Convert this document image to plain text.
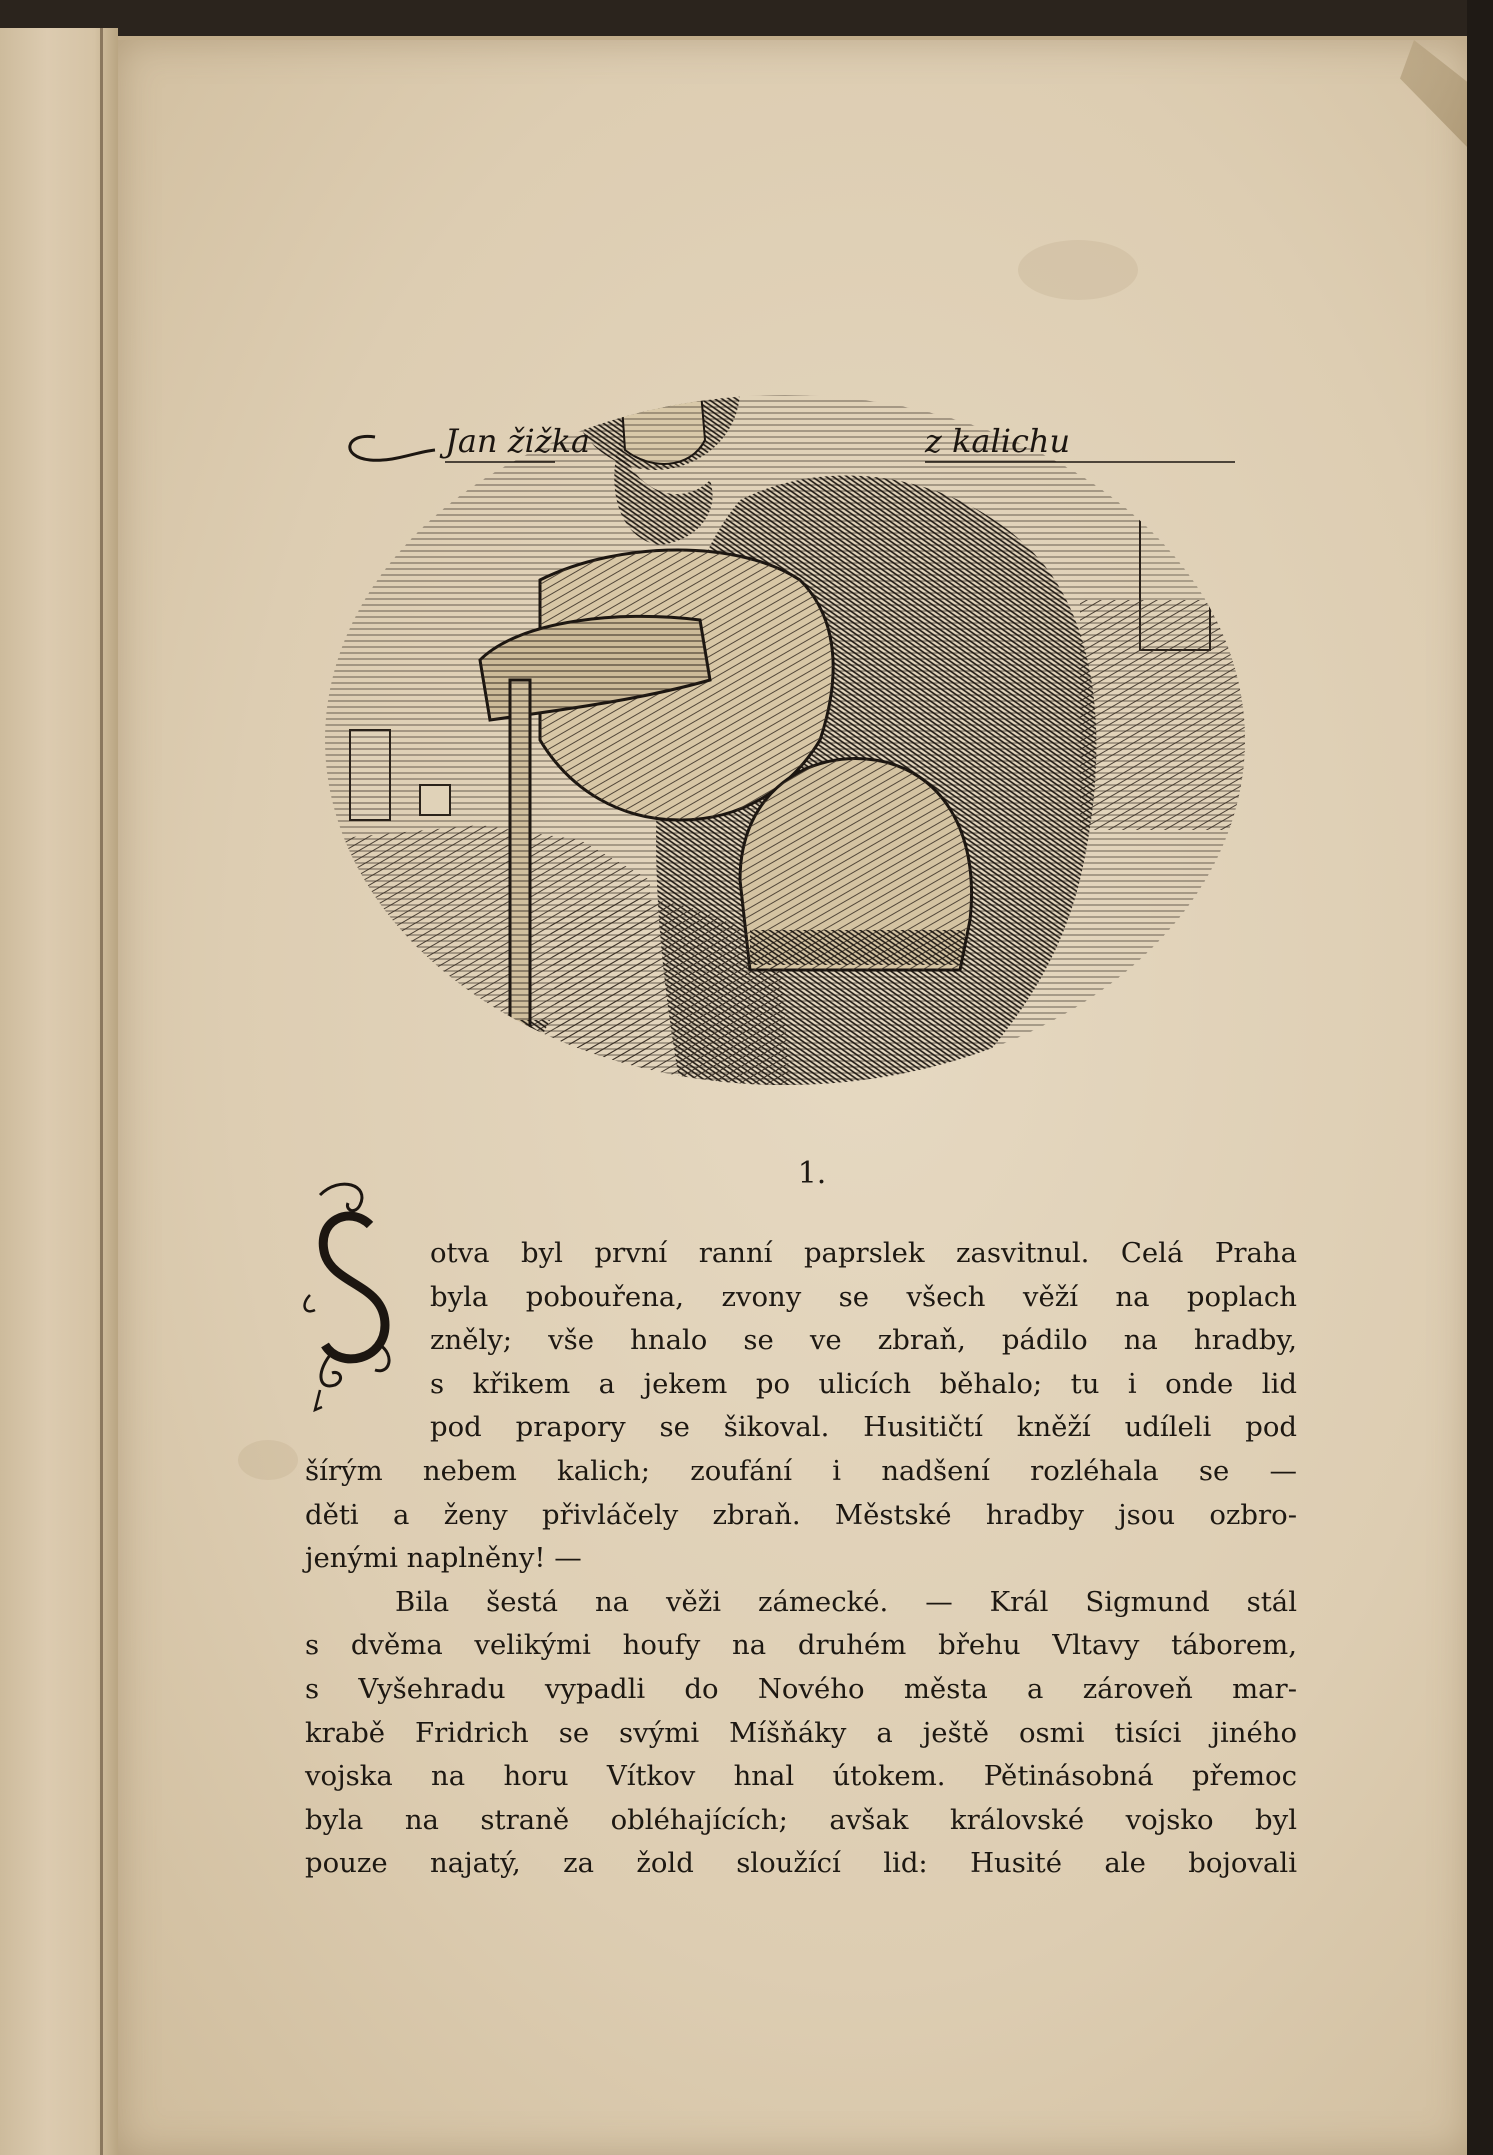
Jan žižka	z kalichu
1.
otva byl první ranní paprslek zasvitnul. Celá Praha
byla pobouřena, zvony se všech věží na poplach
zněly; vše hnalo se ve zbraň, pádilo na hradby,
s křikem a jekem po ulicích běhalo; tu i onde lid
pod prapory se šikoval. Husitičtí kněží udíleli pod
šírým nebem kalich; zoufání i nadšení rozléhala se —
děti a ženy přivláčely zbraň. Městské hradby jsou ozbro-
jenými naplněny! —
Bila šestá na věži zámecké. — Král Sigmund stál
s dvěma velikými houfy na druhém břehu Vltavy táborem,
s Vyšehradu vypadli do Nového města a zároveň mar-
krabě Fridrich se svými Míšňáky a ještě osmi tisíci jiného
vojska na horu Vítkov hnal útokem. Pětinásobná přemoc
byla na straně obléhajících; avšak královské vojsko byl
pouze najatý, za žold sloužící lid: Husité ale bojovali
